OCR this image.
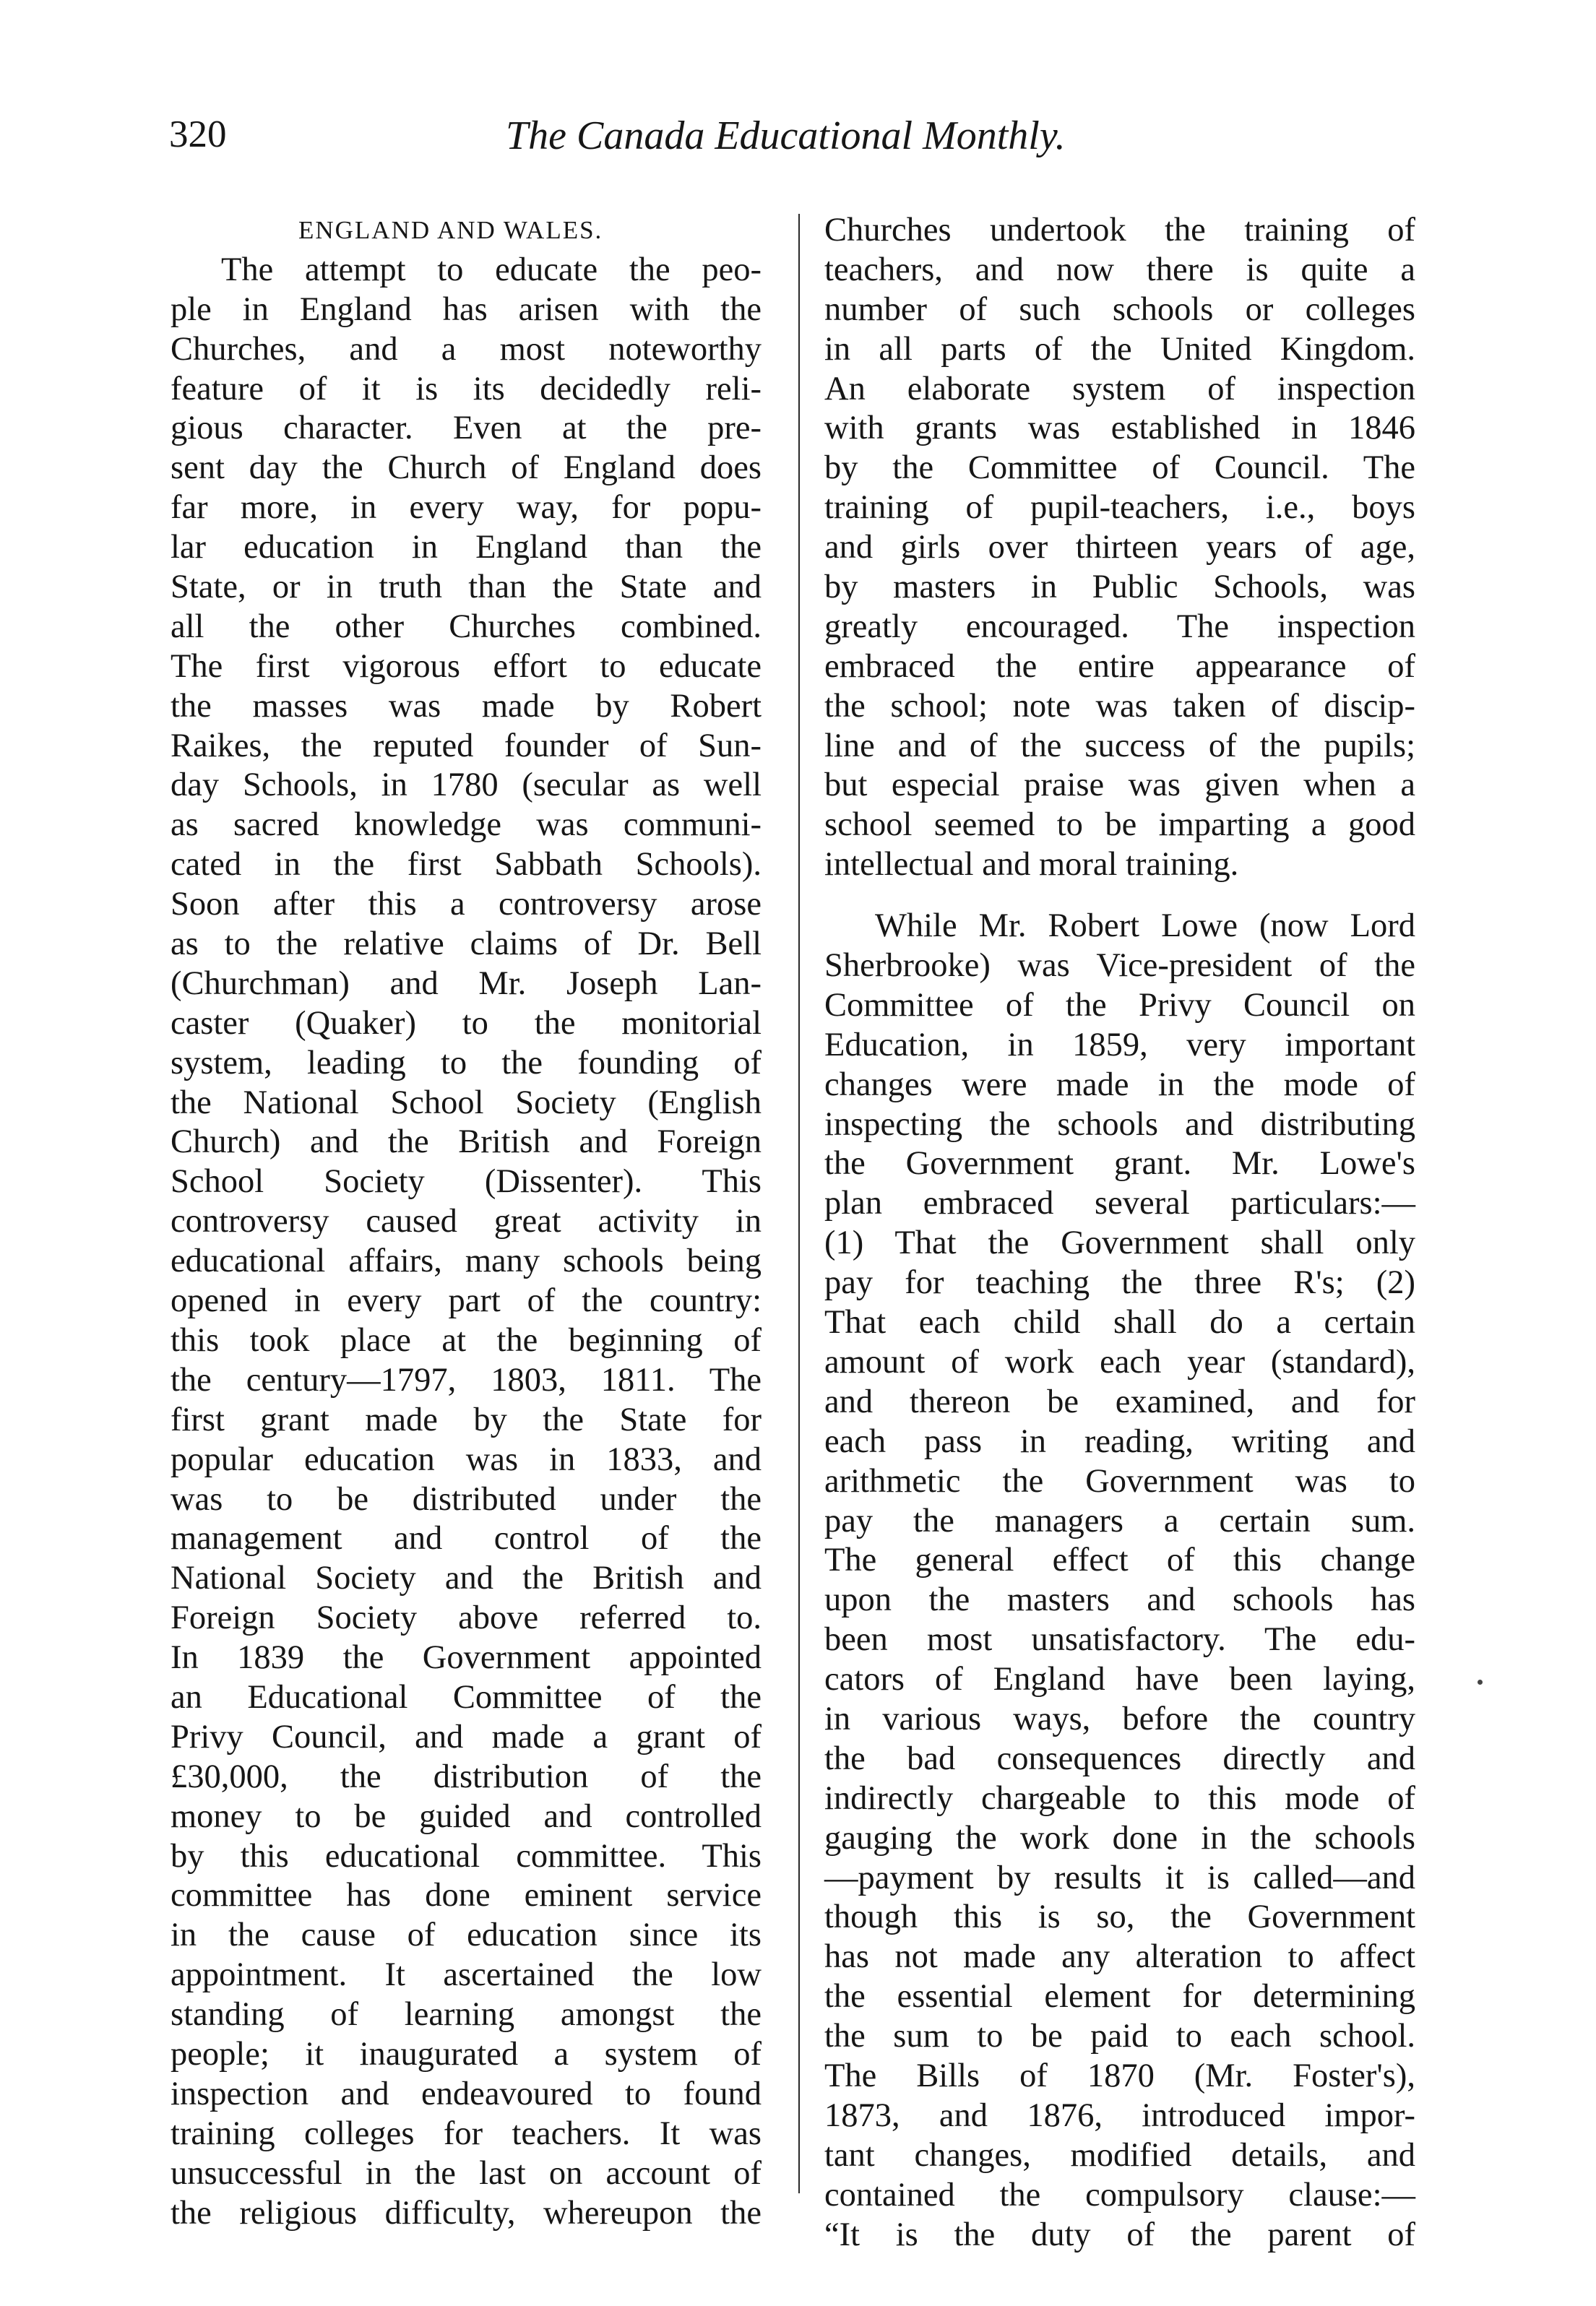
320	The Canada Educational Monthly.
ENGLAND AND WALES.
The attempt to educate the peo-
ple in England has arisen with the
Churches, and a most noteworthy
feature of it is its decidedly reli-
gious character. Even at the pre-
sent day the Church of England does
far more, in every way, for popu-
lar education in England than the
State, or in truth than the State and
all the other Churches combined.
The first vigorous effort to educate
the masses was made by Robert
Raikes, the reputed founder of Sun-
day Schools, in 1780 (secular as well
as sacred knowledge was communi-
cated in the first Sabbath Schools).
Soon after this a controversy arose
as to the relative claims of Dr. Bell
(Churchman) and Mr. Joseph Lan-
caster (Quaker) to the monitorial
system, leading to the founding of
the National School Society (English
Church) and the British and Foreign
School Society (Dissenter). This
controversy caused great activity in
educational affairs, many schools being
opened in every part of the country:
this took place at the beginning of
the century—1797, 1803, 1811. The
first grant made by the State for
popular education was in 1833, and
was to be distributed under the
management and control of the
National Society and the British and
Foreign Society above referred to.
In 1839 the Government appointed
an Educational Committee of the
Privy Council, and made a grant of
£30,000, the distribution of the
money to be guided and controlled
by this educational committee. This
committee has done eminent service
in the cause of education since its
appointment. It ascertained the low
standing of learning amongst the
people; it inaugurated a system of
inspection and endeavoured to found
training colleges for teachers. It was
unsuccessful in the last on account of
the religious difficulty, whereupon the
Churches undertook the training of
teachers, and now there is quite a
number of such schools or colleges
in all parts of the United Kingdom.
An elaborate system of inspection
with grants was established in 1846
by the Committee of Council. The
training of pupil-teachers, i.e., boys
and girls over thirteen years of age,
by masters in Public Schools, was
greatly encouraged. The inspection
embraced the entire appearance of
the school; note was taken of discip-
line and of the success of the pupils;
but especial praise was given when a
school seemed to be imparting a good
intellectual and moral training.
While Mr. Robert Lowe (now Lord
Sherbrooke) was Vice-president of the
Committee of the Privy Council on
Education, in 1859, very important
changes were made in the mode of
inspecting the schools and distributing
the Government grant. Mr. Lowe's
plan embraced several particulars:—
(1) That the Government shall only
pay for teaching the three R's; (2)
That each child shall do a certain
amount of work each year (standard),
and thereon be examined, and for
each pass in reading, writing and
arithmetic the Government was to
pay the managers a certain sum.
The general effect of this change
upon the masters and schools has
been most unsatisfactory. The edu-
cators of England have been laying,
in various ways, before the country
the bad consequences directly and
indirectly chargeable to this mode of
gauging the work done in the schools
—payment by results it is called—and
though this is so, the Government
has not made any alteration to affect
the essential element for determining
the sum to be paid to each school.
The Bills of 1870 (Mr. Foster's),
1873, and 1876, introduced impor-
tant changes, modified details, and
contained the compulsory clause:—
“It is the duty of the parent of
